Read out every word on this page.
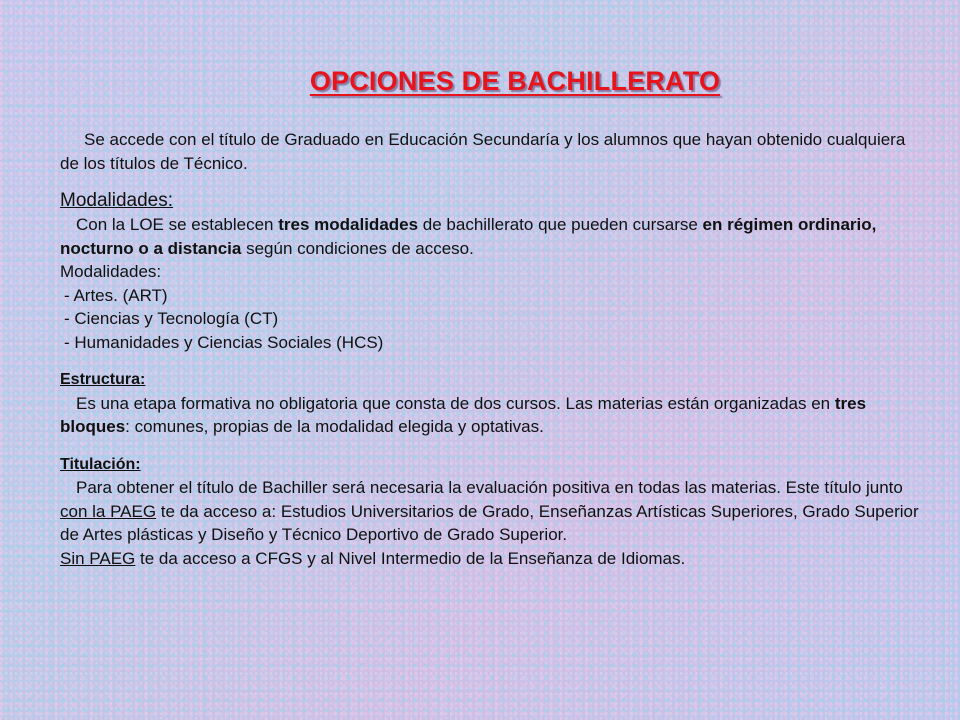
OPCIONES DE BACHILLERATO

Se accede con el título de Graduado en Educación Secundaría y los alumnos que hayan obtenido cualquiera de los títulos de Técnico.

Modalidades:

Con la LOE se establecen tres modalidades de bachillerato que pueden cursarse en régimen ordinario, nocturno o a distancia según condiciones de acceso.

Modalidades:

- Artes. (ART)

- Ciencias y Tecnología (CT)

- Humanidades y Ciencias Sociales (HCS)

Estructura:

Es una etapa formativa no obligatoria que consta de dos cursos. Las materias están organizadas en tres bloques: comunes, propias de la modalidad elegida y optativas.

Titulación:

Para obtener el título de Bachiller será necesaria la evaluación positiva en todas las materias. Este título junto con la PAEG te da acceso a: Estudios Universitarios de Grado, Enseñanzas Artísticas Superiores, Grado Superior de Artes plásticas y Diseño y Técnico Deportivo de Grado Superior.

Sin PAEG te da acceso a CFGS y al Nivel Intermedio de la Enseñanza de Idiomas.
